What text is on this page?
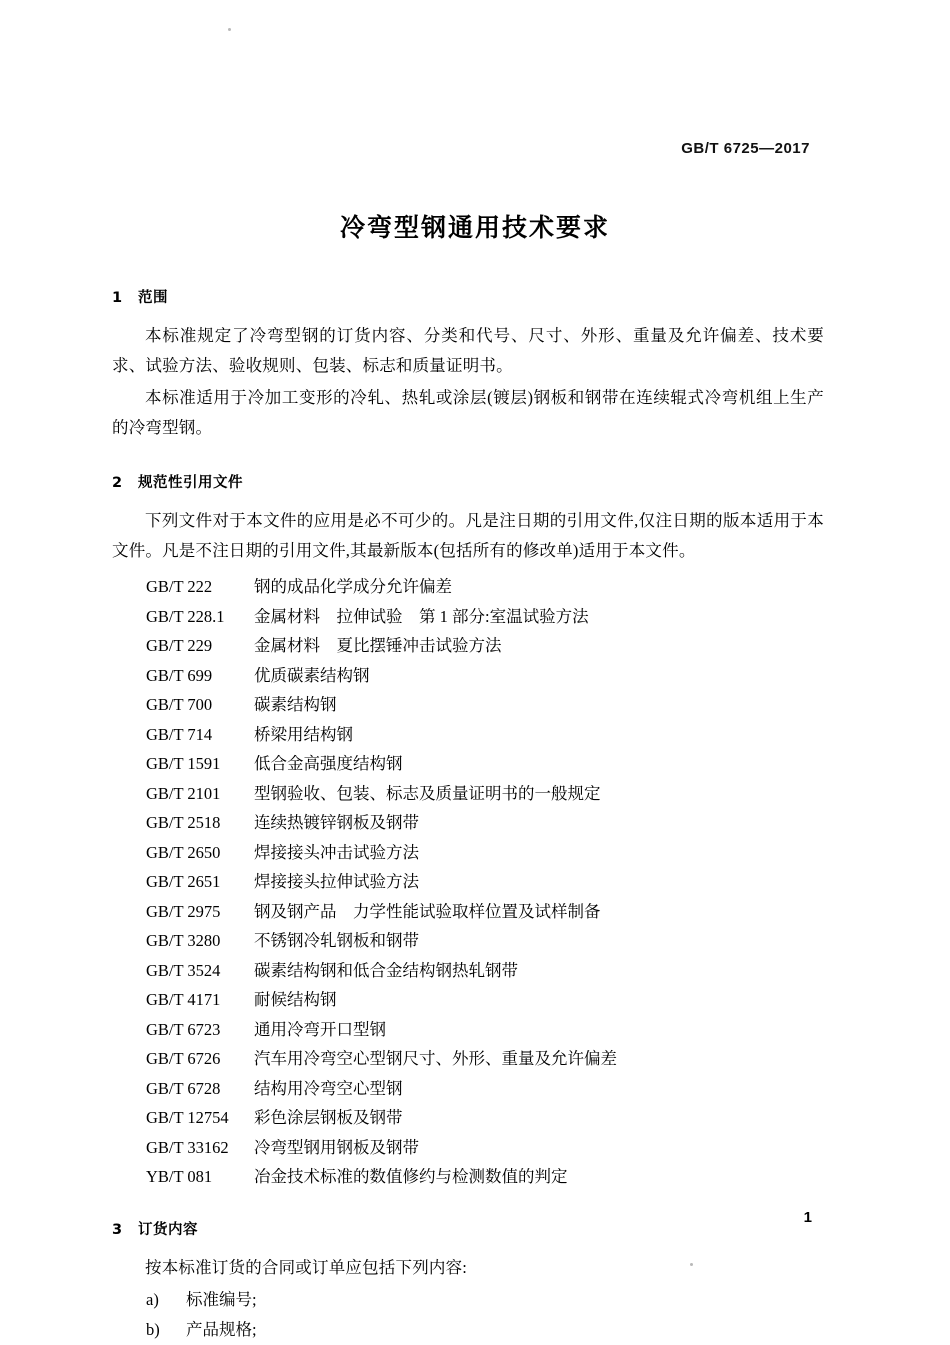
GB/T 6725—2017
冷弯型钢通用技术要求
1 范围

本标准规定了冷弯型钢的订货内容、分类和代号、尺寸、外形、重量及允许偏差、技术要求、试验方法、验收规则、包装、标志和质量证明书。

本标准适用于冷加工变形的冷轧、热轧或涂层(镀层)钢板和钢带在连续辊式冷弯机组上生产的冷弯型钢。

2 规范性引用文件

下列文件对于本文件的应用是必不可少的。凡是注日期的引用文件,仅注日期的版本适用于本文件。凡是不注日期的引用文件,其最新版本(包括所有的修改单)适用于本文件。

GB/T 222	钢的成品化学成分允许偏差
GB/T 228.1 金属材料　拉伸试验　第 1 部分:室温试验方法
GB/T 229	金属材料　夏比摆锤冲击试验方法
GB/T 699	优质碳素结构钢
GB/T 700	碳素结构钢
GB/T 714	桥梁用结构钢
GB/T 1591 低合金高强度结构钢
GB/T 2101 型钢验收、包装、标志及质量证明书的一般规定
GB/T 2518 连续热镀锌钢板及钢带
GB/T 2650 焊接接头冲击试验方法
GB/T 2651 焊接接头拉伸试验方法
GB/T 2975 钢及钢产品　力学性能试验取样位置及试样制备
GB/T 3280 不锈钢冷轧钢板和钢带
GB/T 3524 碳素结构钢和低合金结构钢热轧钢带
GB/T 4171 耐候结构钢
GB/T 6723 通用冷弯开口型钢
GB/T 6726 汽车用冷弯空心型钢尺寸、外形、重量及允许偏差
GB/T 6728 结构用冷弯空心型钢
GB/T 12754 彩色涂层钢板及钢带
GB/T 33162 冷弯型钢用钢板及钢带
YB/T 081	冶金技术标准的数值修约与检测数值的判定
3 订货内容

按本标准订货的合同或订单应包括下列内容:

a) 标准编号;
b) 产品规格;
1
